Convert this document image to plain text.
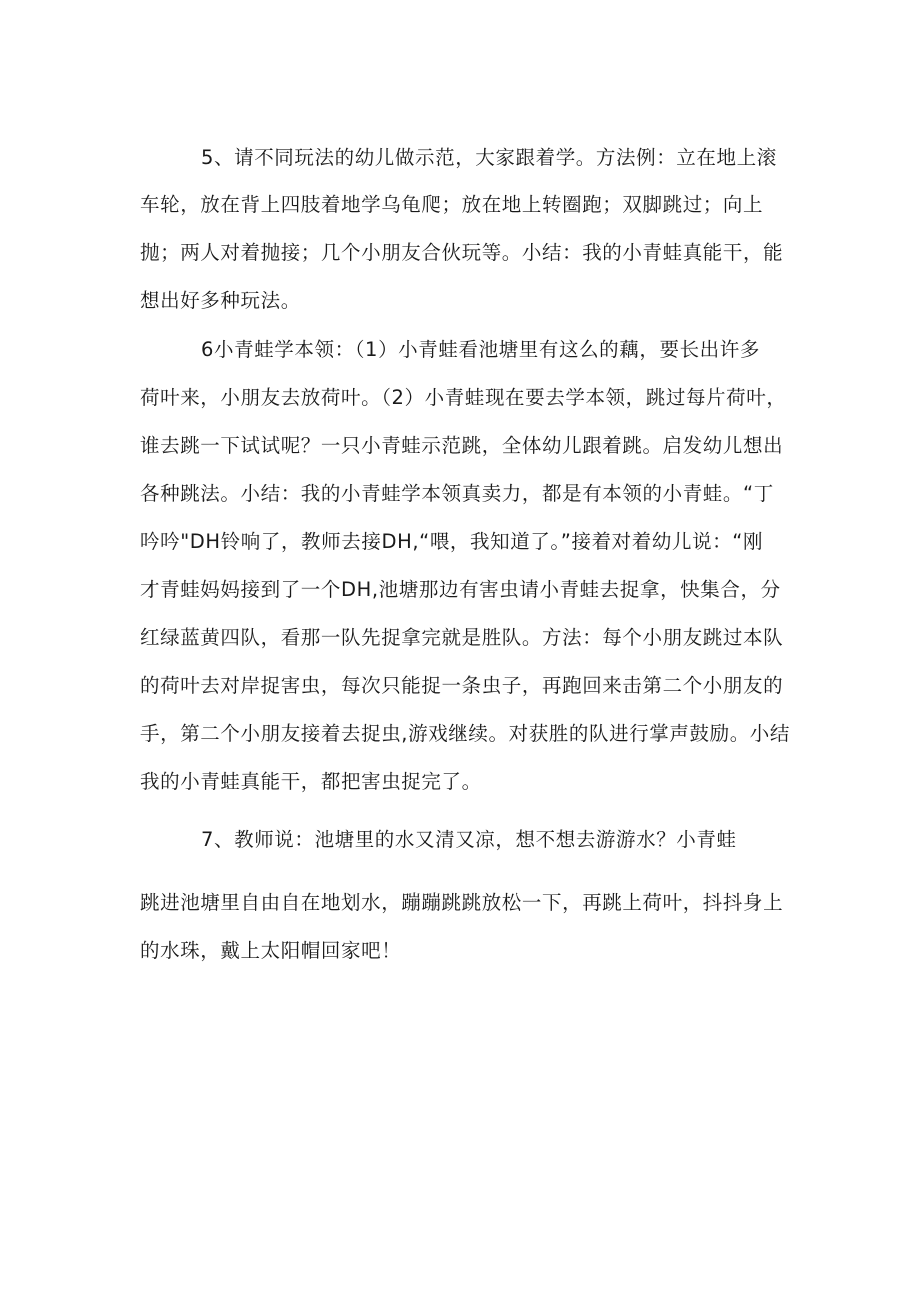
5、请不同玩法的幼儿做示范，大家跟着学。方法例：立在地上滚
车轮，放在背上四肢着地学乌龟爬；放在地上转圈跑；双脚跳过；向上
抛；两人对着抛接；几个小朋友合伙玩等。小结：我的小青蛙真能干，能
想出好多种玩法。
6小青蛙学本领：（1）小青蛙看池塘里有这么的藕，要长出许多
荷叶来，小朋友去放荷叶。（2）小青蛙现在要去学本领，跳过每片荷叶，
谁去跳一下试试呢？一只小青蛙示范跳，全体幼儿跟着跳。启发幼儿想出
各种跳法。小结：我的小青蛙学本领真卖力，都是有本领的小青蛙。“丁
吟吟"DH铃响了，教师去接DH,“喂，我知道了。”接着对着幼儿说：“刚
才青蛙妈妈接到了一个DH,池塘那边有害虫请小青蛙去捉拿，快集合，分
红绿蓝黄四队，看那一队先捉拿完就是胜队。方法：每个小朋友跳过本队
的荷叶去对岸捉害虫，每次只能捉一条虫子，再跑回来击第二个小朋友的
手，第二个小朋友接着去捉虫,游戏继续。对获胜的队进行掌声鼓励。小结
我的小青蛙真能干，都把害虫捉完了。
7、教师说：池塘里的水又清又凉，想不想去游游水？小青蛙
跳进池塘里自由自在地划水，蹦蹦跳跳放松一下，再跳上荷叶，抖抖身上
的水珠，戴上太阳帽回家吧！
